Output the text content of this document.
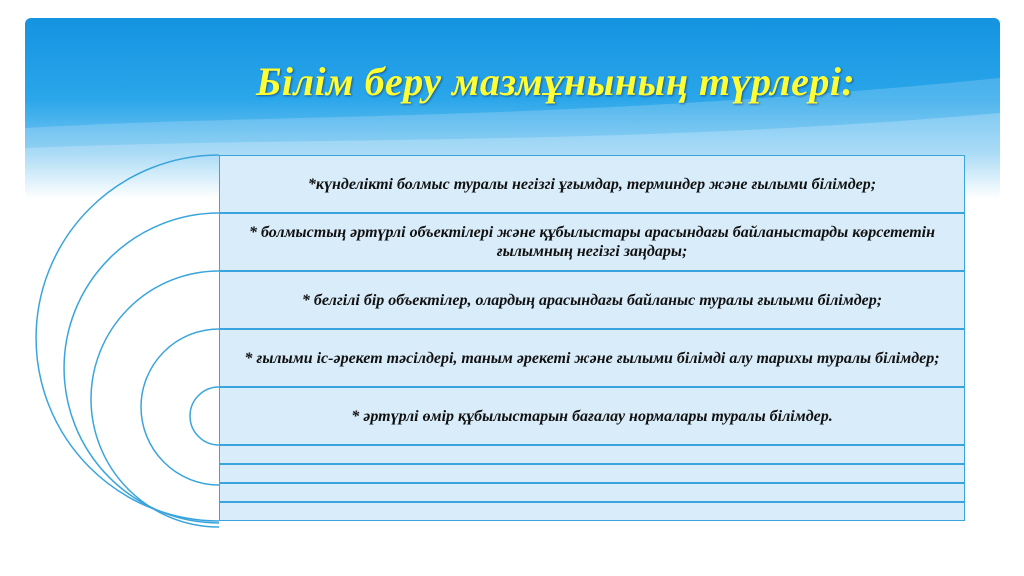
Білім беру мазмұнының түрлері:
*күнделікті болмыс туралы негізгі ұғымдар, терминдер және ғылыми білімдер;
* болмыстың әртүрлі объектілері және құбылыстары арасындағы байланыстарды көрсететін ғылымның негізгі заңдары;
* белгілі бір объектілер, олардың арасындағы байланыс туралы ғылыми білімдер;
* ғылыми іс-әрекет тәсілдері, таным әрекеті және ғылыми білімді алу тарихы туралы білімдер;
* әртүрлі өмір құбылыстарын бағалау нормалары туралы білімдер.
